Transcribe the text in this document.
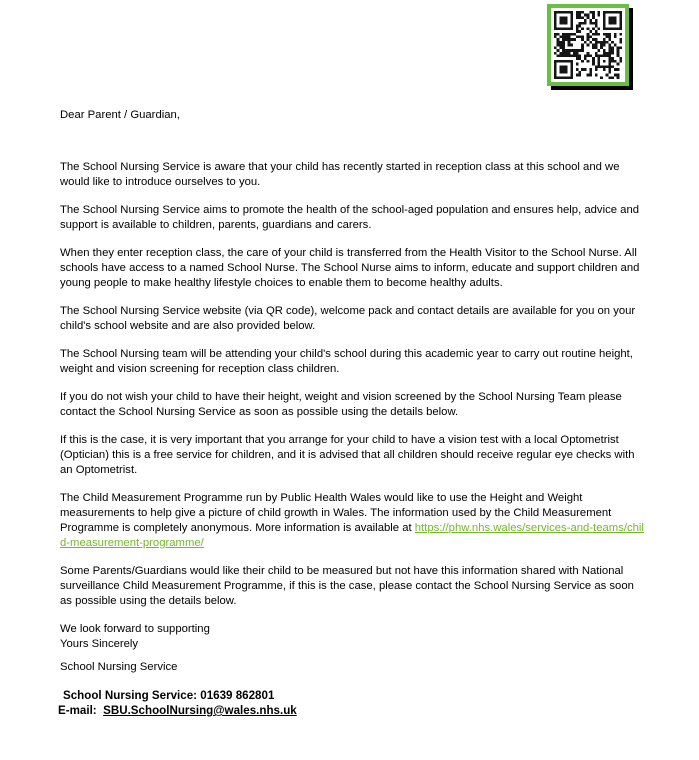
Dear Parent / Guardian,

The School Nursing Service is aware that your child has recently started in reception class at this school and we would like to introduce ourselves to you.

The School Nursing Service aims to promote the health of the school-aged population and ensures help, advice and support is available to children, parents, guardians and carers.

When they enter reception class, the care of your child is transferred from the Health Visitor to the School Nurse. All schools have access to a named School Nurse. The School Nurse aims to inform, educate and support children and young people to make healthy lifestyle choices to enable them to become healthy adults.

The School Nursing Service website (via QR code), welcome pack and contact details are available for you on your child's school website and are also provided below.

The School Nursing team will be attending your child's school during this academic year to carry out routine height, weight and vision screening for reception class children.

If you do not wish your child to have their height, weight and vision screened by the School Nursing Team please contact the School Nursing Service as soon as possible using the details below.

If this is the case, it is very important that you arrange for your child to have a vision test with a local Optometrist (Optician) this is a free service for children, and it is advised that all children should receive regular eye checks with an Optometrist.

The Child Measurement Programme run by Public Health Wales would like to use the Height and Weight measurements to help give a picture of child growth in Wales. The information used by the Child Measurement Programme is completely anonymous. More information is available at https://phw.nhs.wales/services-and-teams/child-measurement-programme/

Some Parents/Guardians would like their child to be measured but not have this information shared with National surveillance Child Measurement Programme, if this is the case, please contact the School Nursing Service as soon as possible using the details below.

We look forward to supporting
Yours Sincerely

School Nursing Service

School Nursing Service: 01639 862801

E-mail: SBU.SchoolNursing@wales.nhs.uk
